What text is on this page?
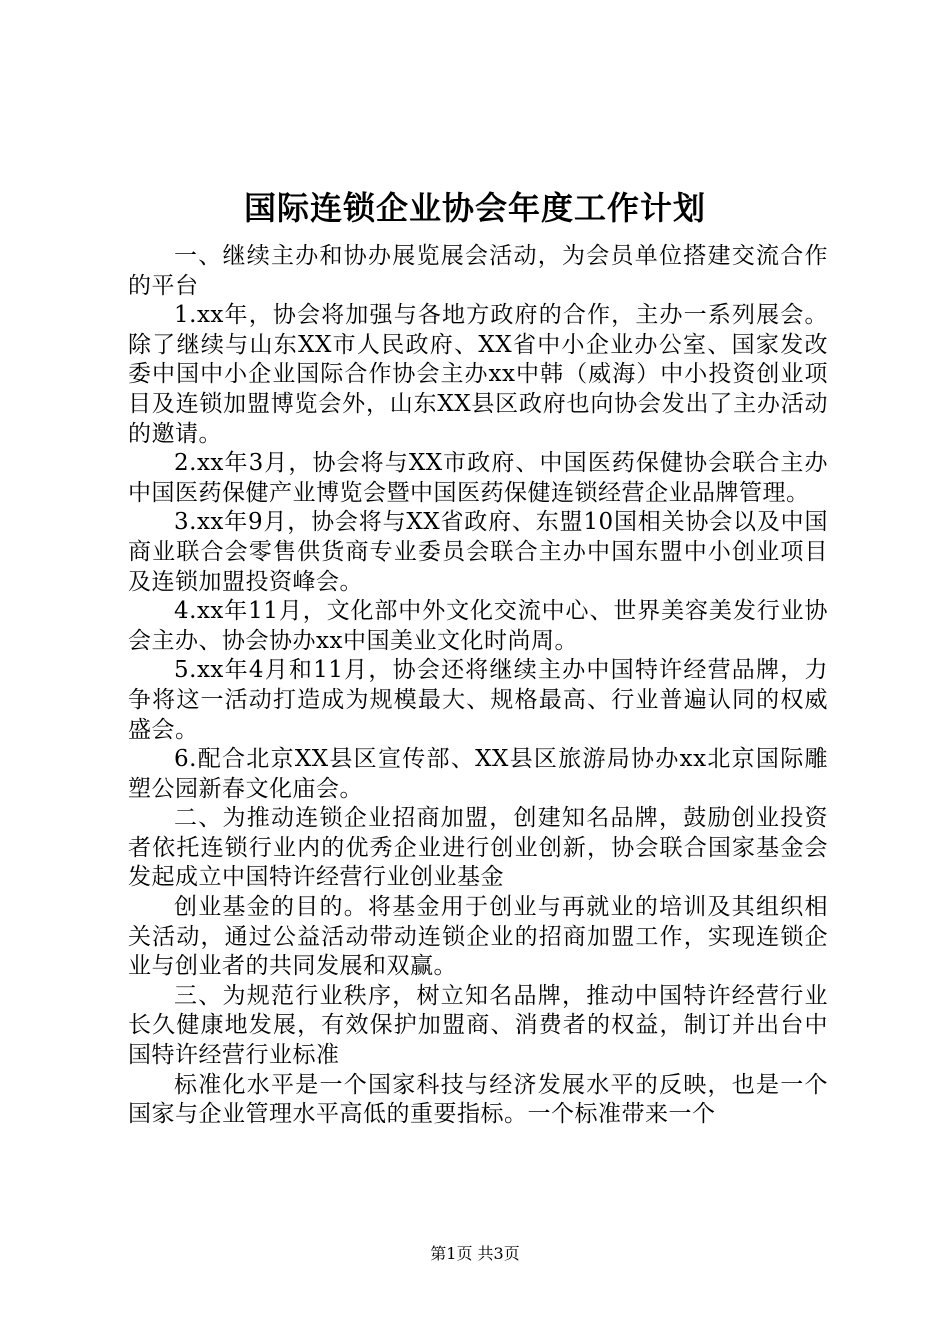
国际连锁企业协会年度工作计划

一、继续主办和协办展览展会活动，为会员单位搭建交流合作的平台

1.xx年，协会将加强与各地方政府的合作，主办一系列展会。除了继续与山东XX市人民政府、XX省中小企业办公室、国家发改委中国中小企业国际合作协会主办xx中韩（威海）中小投资创业项目及连锁加盟博览会外，山东XX县区政府也向协会发出了主办活动的邀请。

2.xx年3月，协会将与XX市政府、中国医药保健协会联合主办中国医药保健产业博览会暨中国医药保健连锁经营企业品牌管理。

3.xx年9月，协会将与XX省政府、东盟10国相关协会以及中国商业联合会零售供货商专业委员会联合主办中国东盟中小创业项目及连锁加盟投资峰会。

4.xx年11月，文化部中外文化交流中心、世界美容美发行业协会主办、协会协办xx中国美业文化时尚周。

5.xx年4月和11月，协会还将继续主办中国特许经营品牌，力争将这一活动打造成为规模最大、规格最高、行业普遍认同的权威盛会。

6.配合北京XX县区宣传部、XX县区旅游局协办xx北京国际雕塑公园新春文化庙会。

二、为推动连锁企业招商加盟，创建知名品牌，鼓励创业投资者依托连锁行业内的优秀企业进行创业创新，协会联合国家基金会发起成立中国特许经营行业创业基金

创业基金的目的。将基金用于创业与再就业的培训及其组织相关活动，通过公益活动带动连锁企业的招商加盟工作，实现连锁企业与创业者的共同发展和双赢。

三、为规范行业秩序，树立知名品牌，推动中国特许经营行业长久健康地发展，有效保护加盟商、消费者的权益，制订并出台中国特许经营行业标准

标准化水平是一个国家科技与经济发展水平的反映，也是一个国家与企业管理水平高低的重要指标。一个标准带来一个

第1页 共3页
